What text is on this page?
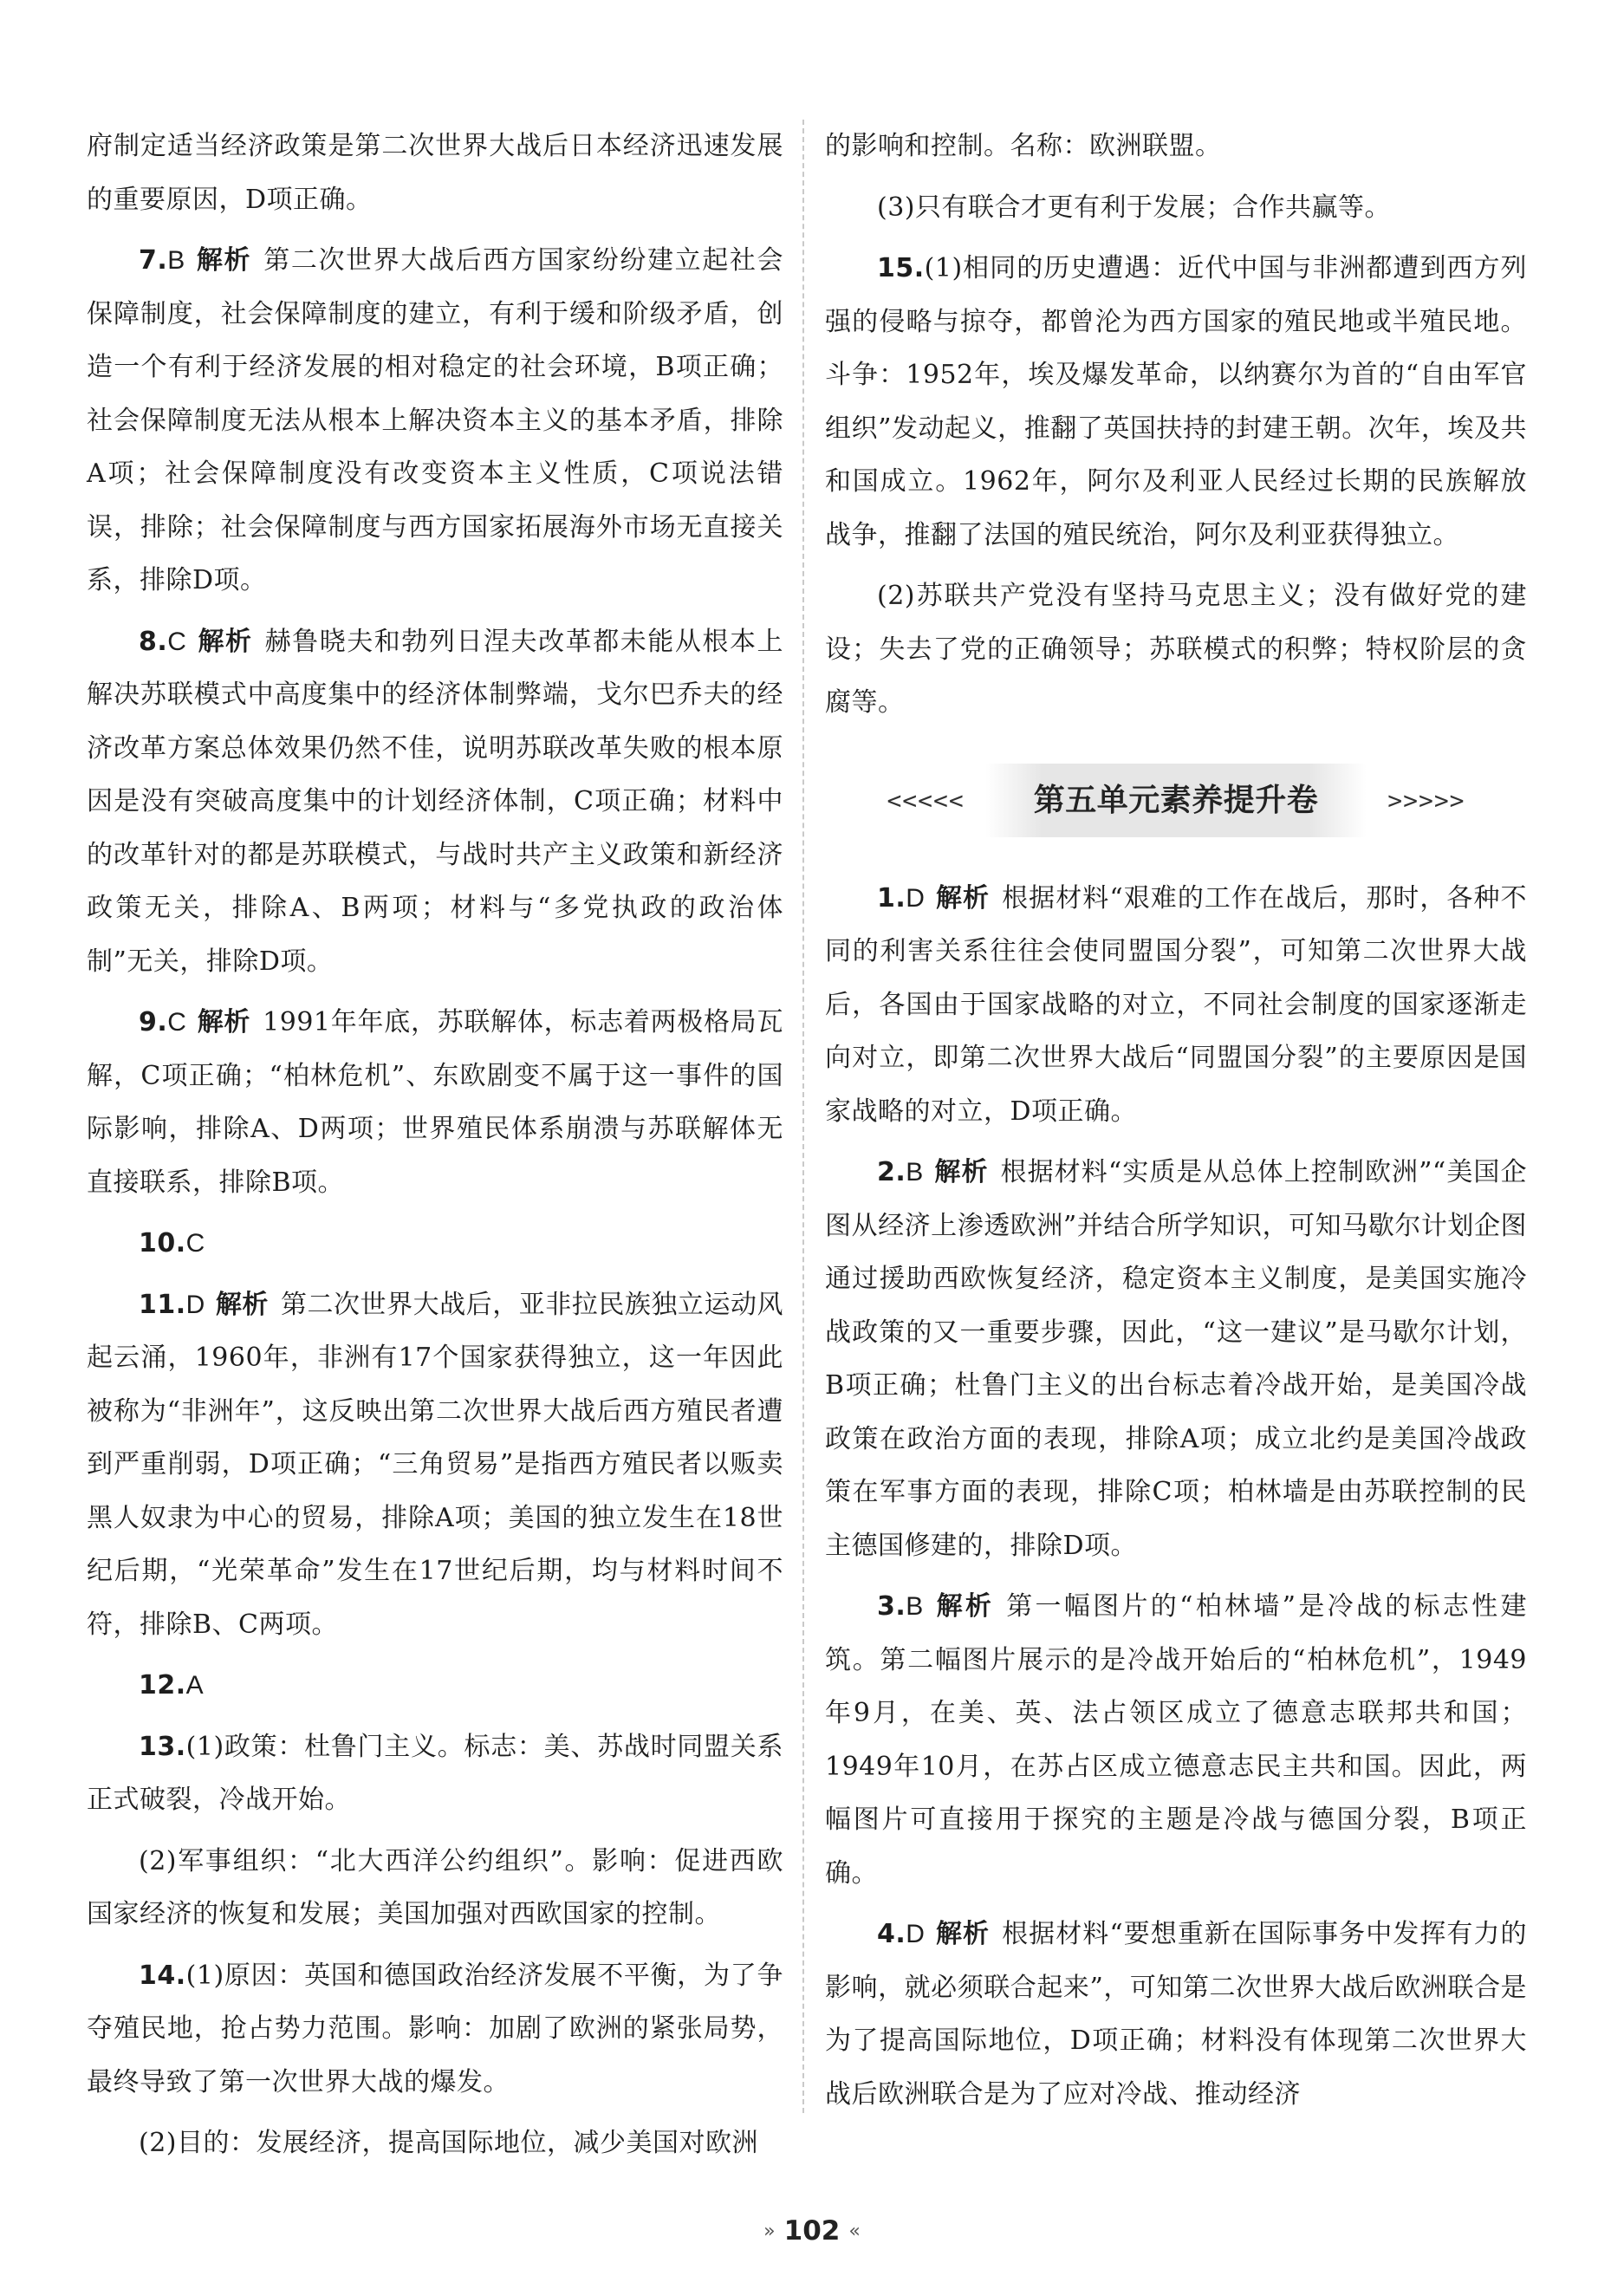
府制定适当经济政策是第二次世界大战后日本经济迅速发展的重要原因，D项正确。

7.B 解析 第二次世界大战后西方国家纷纷建立起社会保障制度，社会保障制度的建立，有利于缓和阶级矛盾，创造一个有利于经济发展的相对稳定的社会环境，B项正确；社会保障制度无法从根本上解决资本主义的基本矛盾，排除A项；社会保障制度没有改变资本主义性质，C项说法错误，排除；社会保障制度与西方国家拓展海外市场无直接关系，排除D项。

8.C 解析 赫鲁晓夫和勃列日涅夫改革都未能从根本上解决苏联模式中高度集中的经济体制弊端，戈尔巴乔夫的经济改革方案总体效果仍然不佳，说明苏联改革失败的根本原因是没有突破高度集中的计划经济体制，C项正确；材料中的改革针对的都是苏联模式，与战时共产主义政策和新经济政策无关，排除A、B两项；材料与“多党执政的政治体制”无关，排除D项。

9.C 解析 1991年年底，苏联解体，标志着两极格局瓦解，C项正确；“柏林危机”、东欧剧变不属于这一事件的国际影响，排除A、D两项；世界殖民体系崩溃与苏联解体无直接联系，排除B项。

10.C

11.D 解析 第二次世界大战后，亚非拉民族独立运动风起云涌，1960年，非洲有17个国家获得独立，这一年因此被称为“非洲年”，这反映出第二次世界大战后西方殖民者遭到严重削弱，D项正确；“三角贸易”是指西方殖民者以贩卖黑人奴隶为中心的贸易，排除A项；美国的独立发生在18世纪后期，“光荣革命”发生在17世纪后期，均与材料时间不符，排除B、C两项。

12.A

13.(1)政策：杜鲁门主义。标志：美、苏战时同盟关系正式破裂，冷战开始。

(2)军事组织：“北大西洋公约组织”。影响：促进西欧国家经济的恢复和发展；美国加强对西欧国家的控制。

14.(1)原因：英国和德国政治经济发展不平衡，为了争夺殖民地，抢占势力范围。影响：加剧了欧洲的紧张局势，最终导致了第一次世界大战的爆发。

(2)目的：发展经济，提高国际地位，减少美国对欧洲

的影响和控制。名称：欧洲联盟。

(3)只有联合才更有利于发展；合作共赢等。

15.(1)相同的历史遭遇：近代中国与非洲都遭到西方列强的侵略与掠夺，都曾沦为西方国家的殖民地或半殖民地。斗争：1952年，埃及爆发革命，以纳赛尔为首的“自由军官组织”发动起义，推翻了英国扶持的封建王朝。次年，埃及共和国成立。1962年，阿尔及利亚人民经过长期的民族解放战争，推翻了法国的殖民统治，阿尔及利亚获得独立。

(2)苏联共产党没有坚持马克思主义；没有做好党的建设；失去了党的正确领导；苏联模式的积弊；特权阶层的贪腐等。

<<<<<	第五单元素养提升卷	>>>>>

1.D 解析 根据材料“艰难的工作在战后，那时，各种不同的利害关系往往会使同盟国分裂”，可知第二次世界大战后，各国由于国家战略的对立，不同社会制度的国家逐渐走向对立，即第二次世界大战后“同盟国分裂”的主要原因是国家战略的对立，D项正确。

2.B 解析 根据材料“实质是从总体上控制欧洲”“美国企图从经济上渗透欧洲”并结合所学知识，可知马歇尔计划企图通过援助西欧恢复经济，稳定资本主义制度，是美国实施冷战政策的又一重要步骤，因此，“这一建议”是马歇尔计划，B项正确；杜鲁门主义的出台标志着冷战开始，是美国冷战政策在政治方面的表现，排除A项；成立北约是美国冷战政策在军事方面的表现，排除C项；柏林墙是由苏联控制的民主德国修建的，排除D项。

3.B 解析 第一幅图片的“柏林墙”是冷战的标志性建筑。第二幅图片展示的是冷战开始后的“柏林危机”，1949年9月，在美、英、法占领区成立了德意志联邦共和国；1949年10月，在苏占区成立德意志民主共和国。因此，两幅图片可直接用于探究的主题是冷战与德国分裂，B项正确。

4.D 解析 根据材料“要想重新在国际事务中发挥有力的影响，就必须联合起来”，可知第二次世界大战后欧洲联合是为了提高国际地位，D项正确；材料没有体现第二次世界大战后欧洲联合是为了应对冷战、推动经济

» 102 «
